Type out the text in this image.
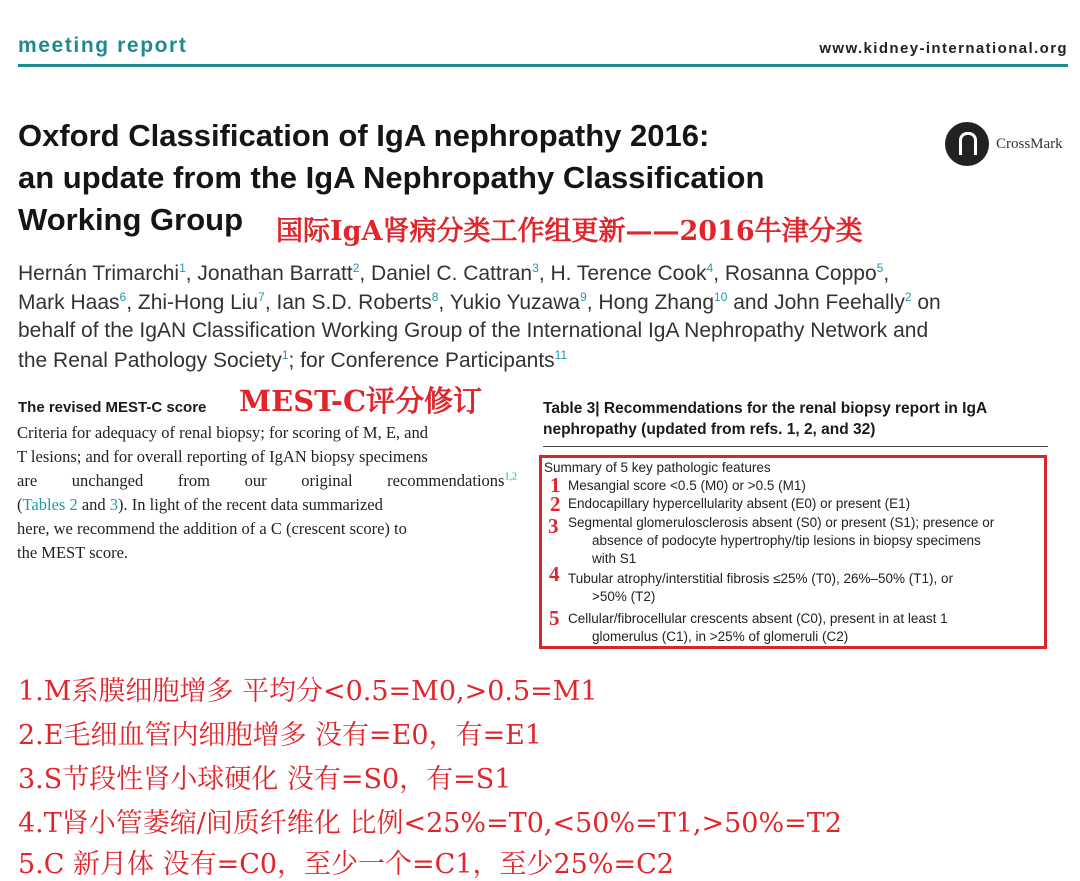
meeting report	www.kidney-international.org
Oxford Classification of IgA nephropathy 2016:
an update from the IgA Nephropathy Classification
Working Group 国际IgA肾病分类工作组更新——2016牛津分类
CrossMark
Hernán Trimarchi$^1$, Jonathan Barratt$^2$, Daniel C. Cattran$^3$, H. Terence Cook$^4$, Rosanna Coppo$^5$,
Mark Haas$^6$, Zhi-Hong Liu$^7$, Ian S.D. Roberts$^8$, Yukio Yuzawa$^9$, Hong Zhang$^{10}$ and John Feehally$^2$ on
behalf of the IgAN Classification Working Group of the International IgA Nephropathy Network and
the Renal Pathology Society$^1$; for Conference Participants$^{11}$
The revised MEST-C score MEST-C评分修订
Criteria for adequacy of renal biopsy; for scoring of M, E, and
T lesions; and for overall reporting of IgAN biopsy specimens
are unchanged from our original recommendations$^{1,2}$
(Tables 2 and 3). In light of the recent data summarized
here, we recommend the addition of a C (crescent score) to
the MEST score.
Table 3| Recommendations for the renal biopsy report in IgA nephropathy (updated from refs. 1, 2, and 32)
Summary of 5 key pathologic features
1 Mesangial score <0.5 (M0) or >0.5 (M1)
2 Endocapillary hypercellularity absent (E0) or present (E1)
3 Segmental glomerulosclerosis absent (S0) or present (S1); presence or
absence of podocyte hypertrophy/tip lesions in biopsy specimens
with S1
4 Tubular atrophy/interstitial fibrosis ≤25% (T0), 26%–50% (T1), or
>50% (T2)
5 Cellular/fibrocellular crescents absent (C0), present in at least 1
glomerulus (C1), in >25% of glomeruli (C2)
1.M系膜细胞增多 平均分<0.5=M0,>0.5=M1
2.E毛细血管内细胞增多 没有=E0，有=E1
3.S节段性肾小球硬化 没有=S0，有=S1
4.T肾小管萎缩/间质纤维化 比例<25%=T0,<50%=T1,>50%=T2
5.C 新月体 没有=C0，至少一个=C1，至少25%=C2
